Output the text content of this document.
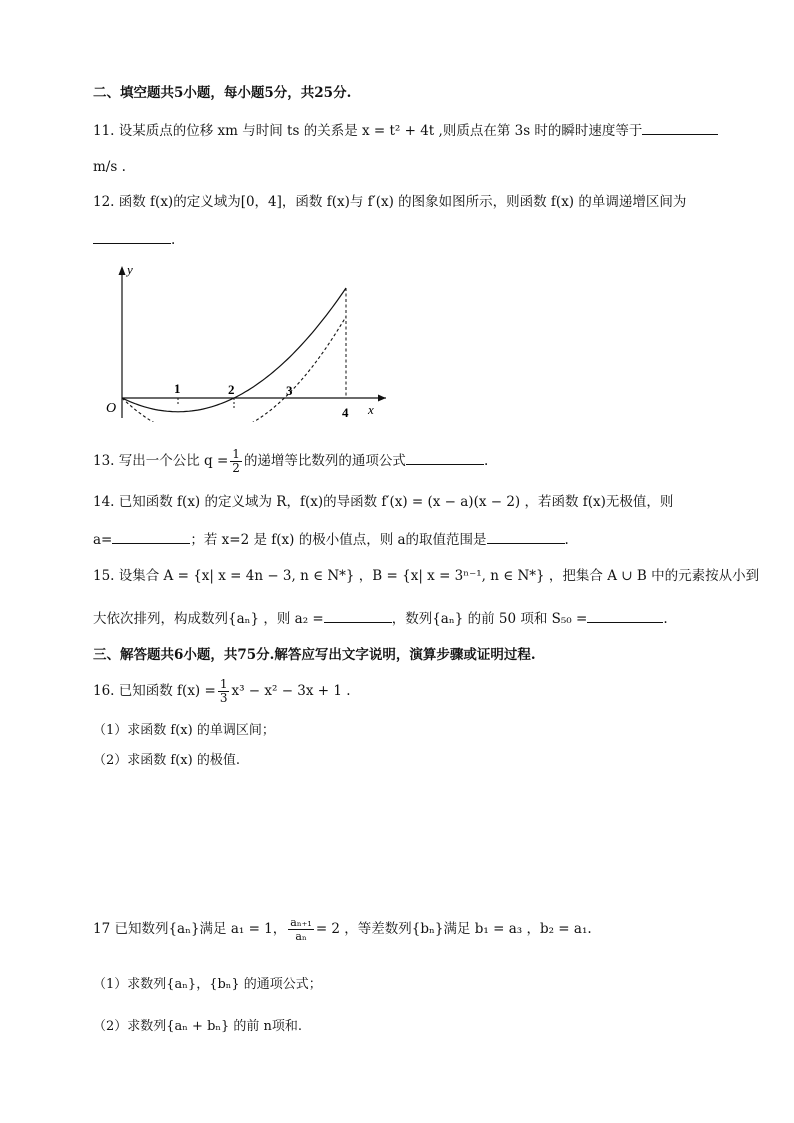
二、填空题共5小题，每小题5分，共25分.
11. 设某质点的位移 xm 与时间 ts 的关系是 x = t² + 4t ,则质点在第 3s 时的瞬时速度等于
m/s .
12. 函数 f(x)的定义域为[0，4]，函数 f(x)与 f′(x) 的图象如图所示，则函数 f(x) 的单调递增区间为
.
y
x
O
1	2	3
4
13. 写出一个公比 $q = \frac{1}{2}$ 的递增等比数列的通项公式	.
14. 已知函数 f(x) 的定义域为 R，f(x)的导函数 f′(x) = (x − a)(x − 2) ，若函数 f(x)无极值，则
a=	；若 x=2 是 f(x) 的极小值点，则 a的取值范围是	.
15. 设集合 A = {x| x = 4n − 3, n ∈ N*} ，B = {x| x = 3ⁿ⁻¹, n ∈ N*} ，把集合 A ∪ B 中的元素按从小到
大依次排列，构成数列{aₙ} ，则 a₂ =	，数列{aₙ} 的前 50 项和 S₅₀ =	.
三、解答题共6小题，共75分.解答应写出文字说明，演算步骤或证明过程.
16. 已知函数 $f(x) = \frac{1}{3} x^3 - x^2 - 3x + 1$ .
（1）求函数 f(x) 的单调区间；
（2）求函数 f(x) 的极值.
17 已知数列{aₙ}满足 a₁ = 1， $\frac{\text{aₙ₊₁}}{\text{aₙ}} = 2$ ，等差数列{bₙ}满足 b₁ = a₃ ，b₂ = a₁.
（1）求数列{aₙ}，{bₙ} 的通项公式；
（2）求数列{aₙ + bₙ} 的前 n项和.
